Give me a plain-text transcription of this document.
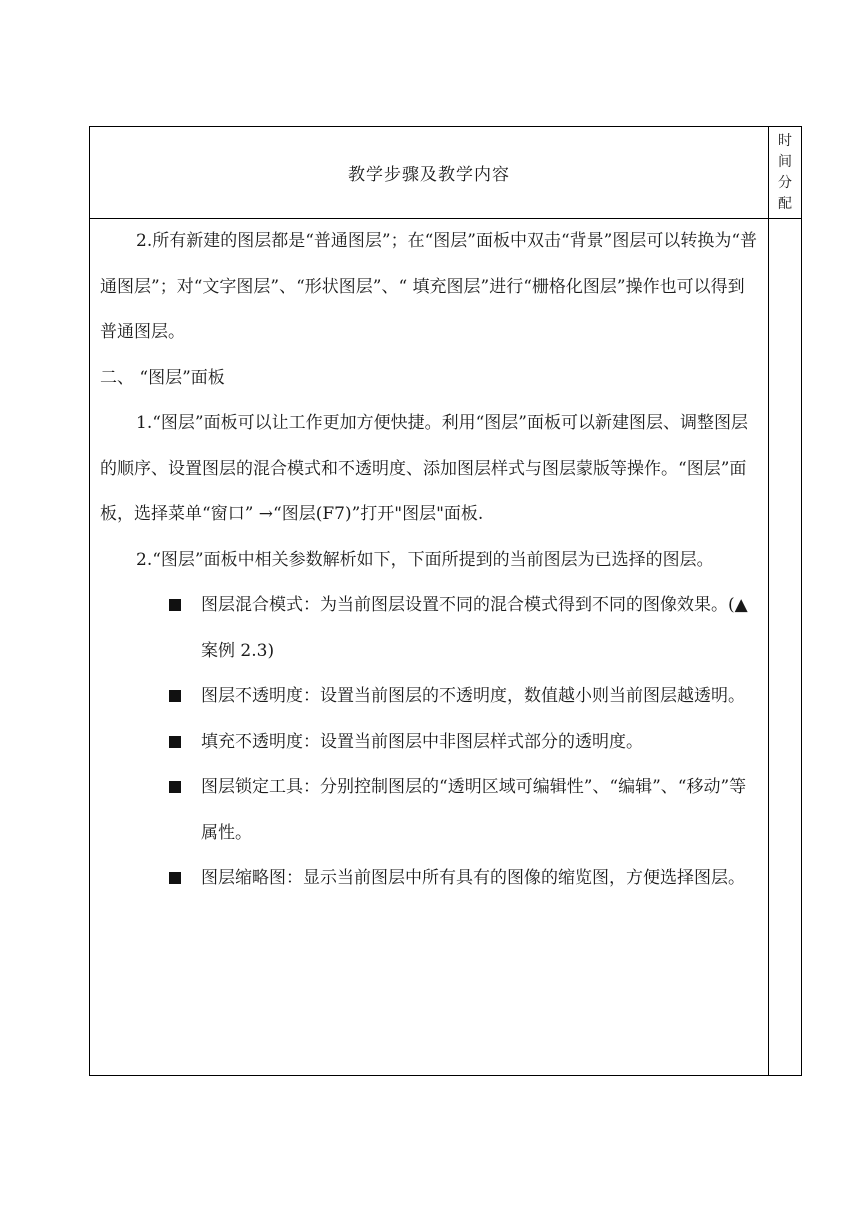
教学步骤及教学内容
时
间
分
配
2.所有新建的图层都是“普通图层”；在“图层”面板中双击“背景”图层可以转换为“普通图层”；对“文字图层”、“形状图层”、“ 填充图层”进行“栅格化图层”操作也可以得到普通图层。
二、 “图层”面板
1.“图层”面板可以让工作更加方便快捷。利用“图层”面板可以新建图层、调整图层的顺序、设置图层的混合模式和不透明度、添加图层样式与图层蒙版等操作。“图层”面板，选择菜单“窗口” →“图层(F7)”打开"图层"面板.
2.“图层”面板中相关参数解析如下，下面所提到的当前图层为已选择的图层。
图层混合模式：为当前图层设置不同的混合模式得到不同的图像效果。(▲案例 2.3)
图层不透明度：设置当前图层的不透明度，数值越小则当前图层越透明。
填充不透明度：设置当前图层中非图层样式部分的透明度。
图层锁定工具：分别控制图层的“透明区域可编辑性”、“编辑”、“移动”等属性。
图层缩略图：显示当前图层中所有具有的图像的缩览图，方便选择图层。
